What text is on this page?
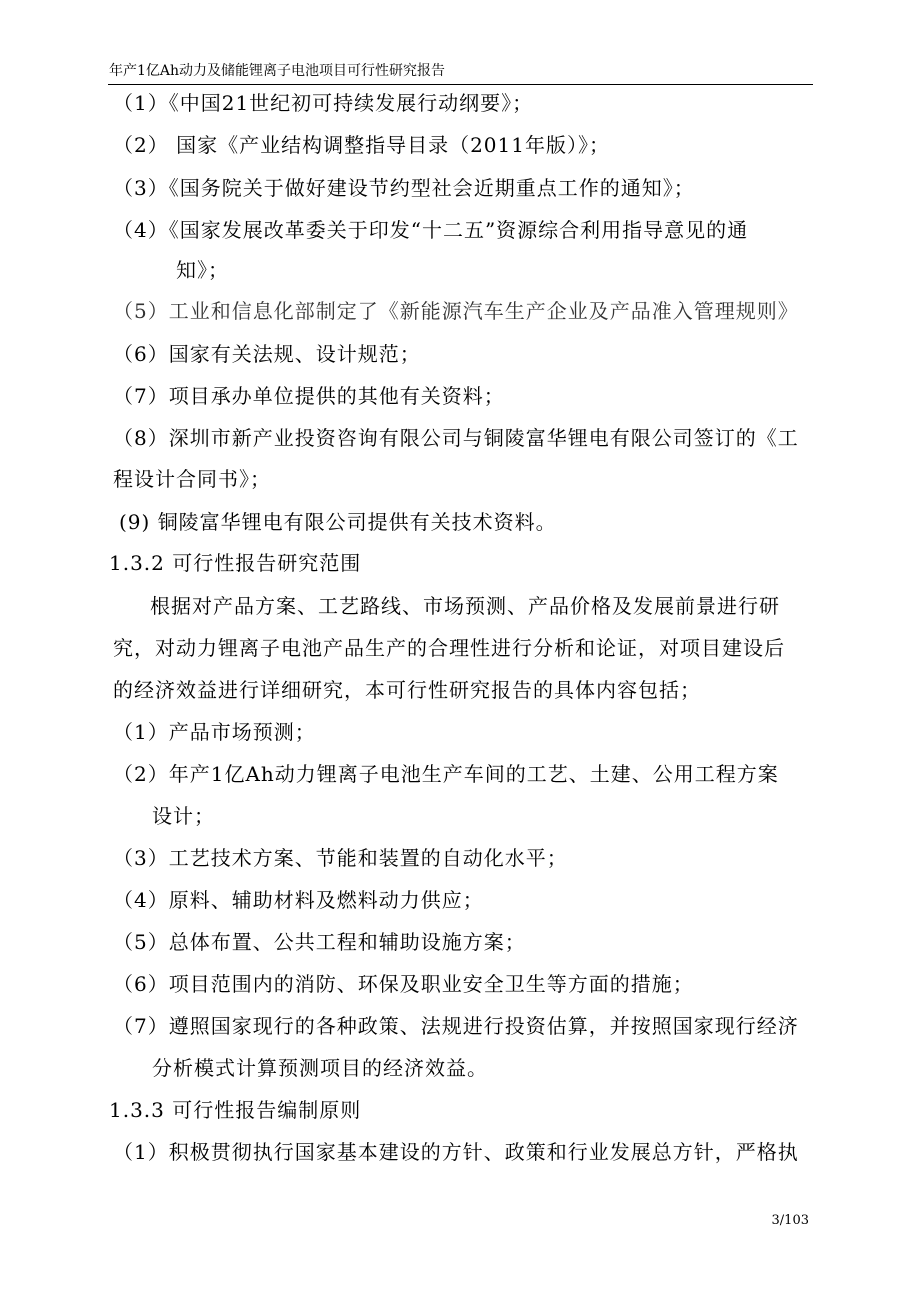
年产1亿Ah动力及储能锂离子电池项目可行性研究报告
（1）《中国21世纪初可持续发展行动纲要》；
（2） 国家《产业结构调整指导目录（2011年版）》；
（3）《国务院关于做好建设节约型社会近期重点工作的通知》；
（4）《国家发展改革委关于印发“十二五”资源综合利用指导意见的通
知》；
（5）工业和信息化部制定了《新能源汽车生产企业及产品准入管理规则》
（6）国家有关法规、设计规范；
（7）项目承办单位提供的其他有关资料；
（8）深圳市新产业投资咨询有限公司与铜陵富华锂电有限公司签订的《工
程设计合同书》；
(9) 铜陵富华锂电有限公司提供有关技术资料。
1.3.2 可行性报告研究范围
根据对产品方案、工艺路线、市场预测、产品价格及发展前景进行研
究，对动力锂离子电池产品生产的合理性进行分析和论证，对项目建设后
的经济效益进行详细研究，本可行性研究报告的具体内容包括；
（1）产品市场预测；
（2）年产1亿Ah动力锂离子电池生产车间的工艺、土建、公用工程方案
设计；
（3）工艺技术方案、节能和装置的自动化水平；
（4）原料、辅助材料及燃料动力供应；
（5）总体布置、公共工程和辅助设施方案；
（6）项目范围内的消防、环保及职业安全卫生等方面的措施；
（7）遵照国家现行的各种政策、法规进行投资估算，并按照国家现行经济
分析模式计算预测项目的经济效益。
1.3.3 可行性报告编制原则
（1）积极贯彻执行国家基本建设的方针、政策和行业发展总方针，严格执
3/103
